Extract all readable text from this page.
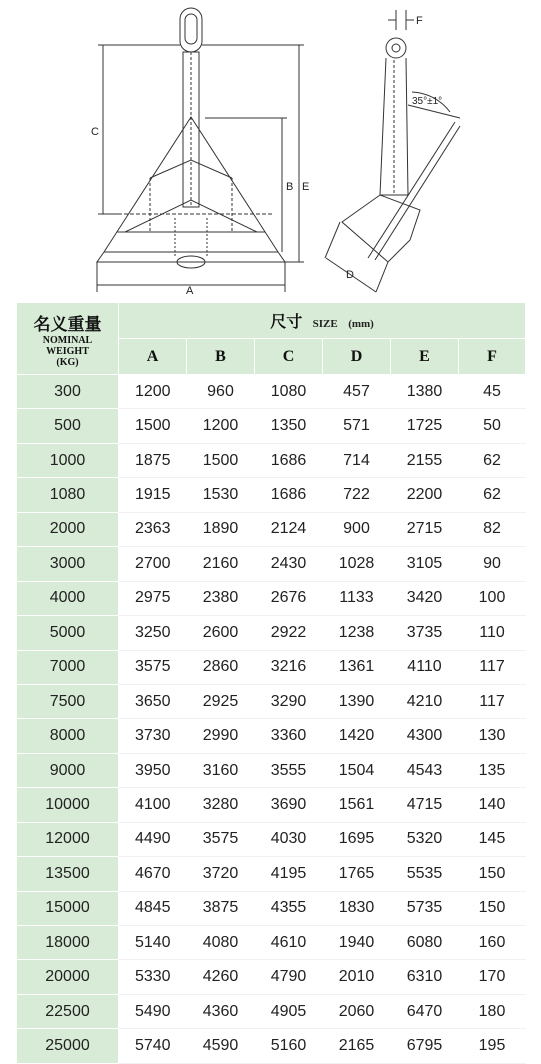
C
B E
A
F
D
35°±1°
名义重量
NOMINAL
WEIGHT
(KG)	尺寸 SIZE (mm)					
	A	B	C	D	E	F
300	1200	960	1080	457	1380	45
500	1500	1200	1350	571	1725	50
1000	1875	1500	1686	714	2155	62
1080	1915	1530	1686	722	2200	62
2000	2363	1890	2124	900	2715	82
3000	2700	2160	2430	1028	3105	90
4000	2975	2380	2676	1133	3420	100
5000	3250	2600	2922	1238	3735	110
7000	3575	2860	3216	1361	4110	117
7500	3650	2925	3290	1390	4210	117
8000	3730	2990	3360	1420	4300	130
9000	3950	3160	3555	1504	4543	135
10000	4100	3280	3690	1561	4715	140
12000	4490	3575	4030	1695	5320	145
13500	4670	3720	4195	1765	5535	150
15000	4845	3875	4355	1830	5735	150
18000	5140	4080	4610	1940	6080	160
20000	5330	4260	4790	2010	6310	170
22500	5490	4360	4905	2060	6470	180
25000	5740	4590	5160	2165	6795	195
